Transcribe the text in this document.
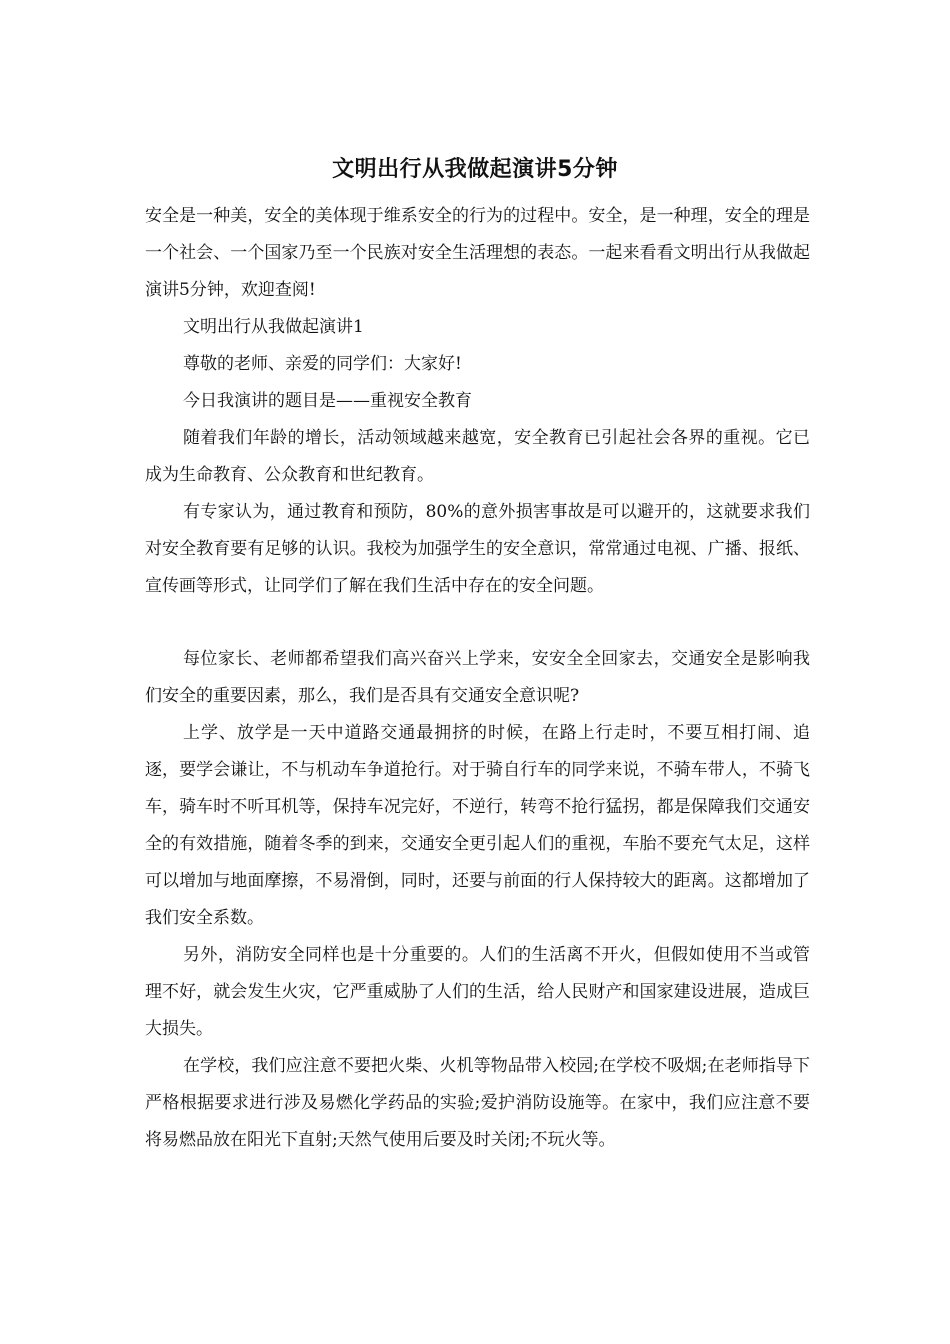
文明出行从我做起演讲5分钟

安全是一种美，安全的美体现于维系安全的行为的过程中。安全，是一种理，安全的理是一个社会、一个国家乃至一个民族对安全生活理想的表态。一起来看看文明出行从我做起演讲5分钟，欢迎查阅!

文明出行从我做起演讲1

尊敬的老师、亲爱的同学们：大家好!

今日我演讲的题目是——重视安全教育

随着我们年龄的增长，活动领域越来越宽，安全教育已引起社会各界的重视。它已成为生命教育、公众教育和世纪教育。

有专家认为，通过教育和预防，80%的意外损害事故是可以避开的，这就要求我们对安全教育要有足够的认识。我校为加强学生的安全意识，常常通过电视、广播、报纸、宣传画等形式，让同学们了解在我们生活中存在的安全问题。

每位家长、老师都希望我们高兴奋兴上学来，安安全全回家去，交通安全是影响我们安全的重要因素，那么，我们是否具有交通安全意识呢?

上学、放学是一天中道路交通最拥挤的时候，在路上行走时，不要互相打闹、追逐，要学会谦让，不与机动车争道抢行。对于骑自行车的同学来说，不骑车带人，不骑飞车，骑车时不听耳机等，保持车况完好，不逆行，转弯不抢行猛拐，都是保障我们交通安全的有效措施，随着冬季的到来，交通安全更引起人们的重视，车胎不要充气太足，这样可以增加与地面摩擦，不易滑倒，同时，还要与前面的行人保持较大的距离。这都增加了我们安全系数。

另外，消防安全同样也是十分重要的。人们的生活离不开火，但假如使用不当或管理不好，就会发生火灾，它严重威胁了人们的生活，给人民财产和国家建设进展，造成巨大损失。

在学校，我们应注意不要把火柴、火机等物品带入校园;在学校不吸烟;在老师指导下严格根据要求进行涉及易燃化学药品的实验;爱护消防设施等。在家中，我们应注意不要将易燃品放在阳光下直射;天然气使用后要及时关闭;不玩火等。
